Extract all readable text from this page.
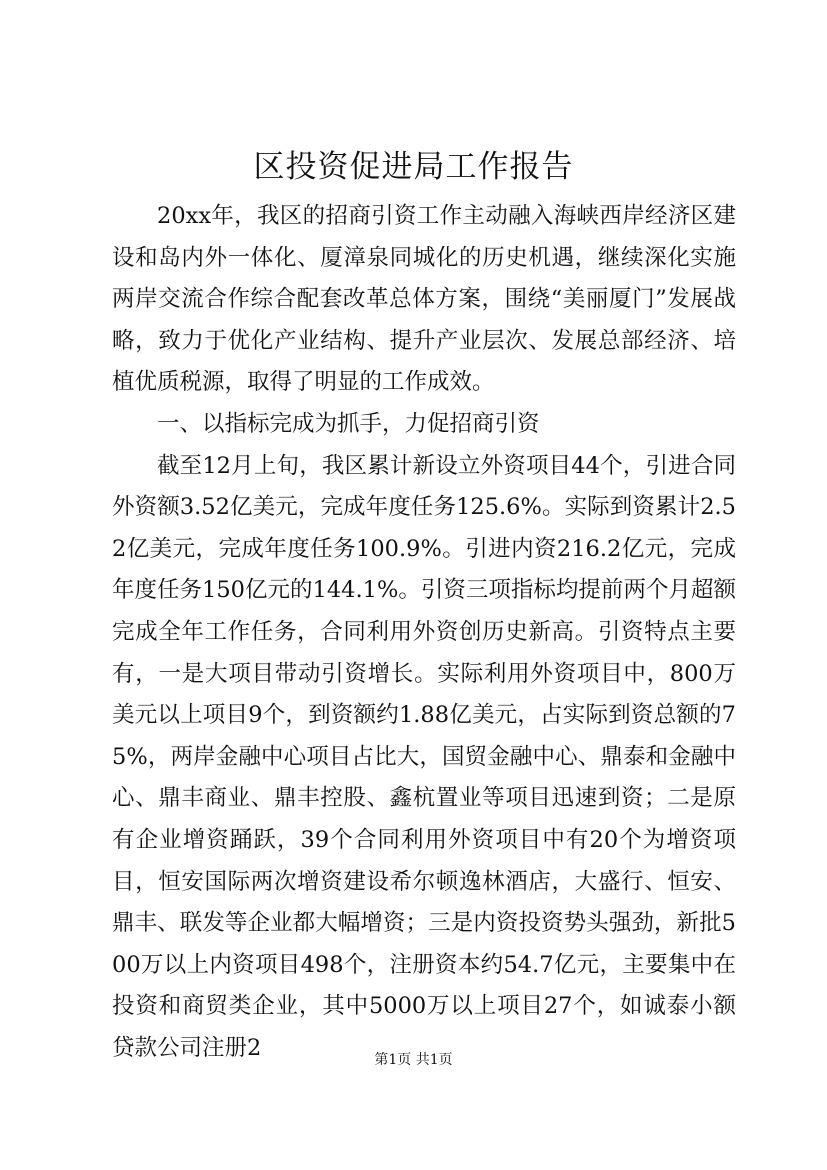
区投资促进局工作报告

20xx年，我区的招商引资工作主动融入海峡西岸经济区建设和岛内外一体化、厦漳泉同城化的历史机遇，继续深化实施两岸交流合作综合配套改革总体方案，围绕“美丽厦门”发展战略，致力于优化产业结构、提升产业层次、发展总部经济、培植优质税源，取得了明显的工作成效。

一、以指标完成为抓手，力促招商引资

截至12月上旬，我区累计新设立外资项目44个，引进合同外资额3.52亿美元，完成年度任务125.6%。实际到资累计2.52亿美元，完成年度任务100.9%。引进内资216.2亿元，完成年度任务150亿元的144.1%。引资三项指标均提前两个月超额完成全年工作任务，合同利用外资创历史新高。引资特点主要有，一是大项目带动引资增长。实际利用外资项目中，800万美元以上项目9个，到资额约1.88亿美元，占实际到资总额的75%，两岸金融中心项目占比大，国贸金融中心、鼎泰和金融中心、鼎丰商业、鼎丰控股、鑫杭置业等项目迅速到资；二是原有企业增资踊跃，39个合同利用外资项目中有20个为增资项目，恒安国际两次增资建设希尔顿逸林酒店，大盛行、恒安、鼎丰、联发等企业都大幅增资；三是内资投资势头强劲，新批500万以上内资项目498个，注册资本约54.7亿元，主要集中在投资和商贸类企业，其中5000万以上项目27个，如诚泰小额贷款公司注册2	第1页 共1页
